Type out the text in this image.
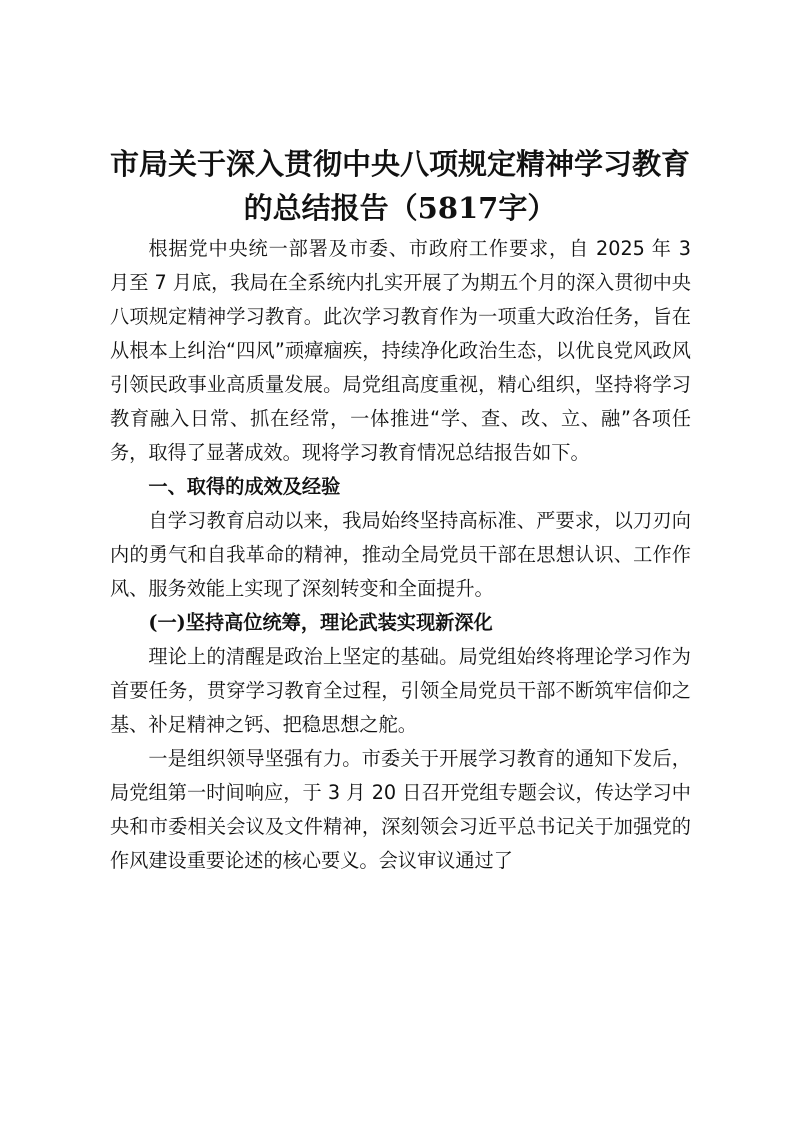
市局关于深入贯彻中央八项规定精神学习教育
的总结报告（5817字）

根据党中央统一部署及市委、市政府工作要求，自 2025 年 3 月至 7 月底，我局在全系统内扎实开展了为期五个月的深入贯彻中央八项规定精神学习教育。此次学习教育作为一项重大政治任务，旨在从根本上纠治“四风”顽瘴痼疾，持续净化政治生态，以优良党风政风引领民政事业高质量发展。局党组高度重视，精心组织，坚持将学习教育融入日常、抓在经常，一体推进“学、查、改、立、融”各项任务，取得了显著成效。现将学习教育情况总结报告如下。

一、取得的成效及经验

自学习教育启动以来，我局始终坚持高标准、严要求，以刀刃向内的勇气和自我革命的精神，推动全局党员干部在思想认识、工作作风、服务效能上实现了深刻转变和全面提升。

(一)坚持高位统筹，理论武装实现新深化

理论上的清醒是政治上坚定的基础。局党组始终将理论学习作为首要任务，贯穿学习教育全过程，引领全局党员干部不断筑牢信仰之基、补足精神之钙、把稳思想之舵。

一是组织领导坚强有力。市委关于开展学习教育的通知下发后，局党组第一时间响应，于 3 月 20 日召开党组专题会议，传达学习中央和市委相关会议及文件精神，深刻领会习近平总书记关于加强党的作风建设重要论述的核心要义。会议审议通过了
